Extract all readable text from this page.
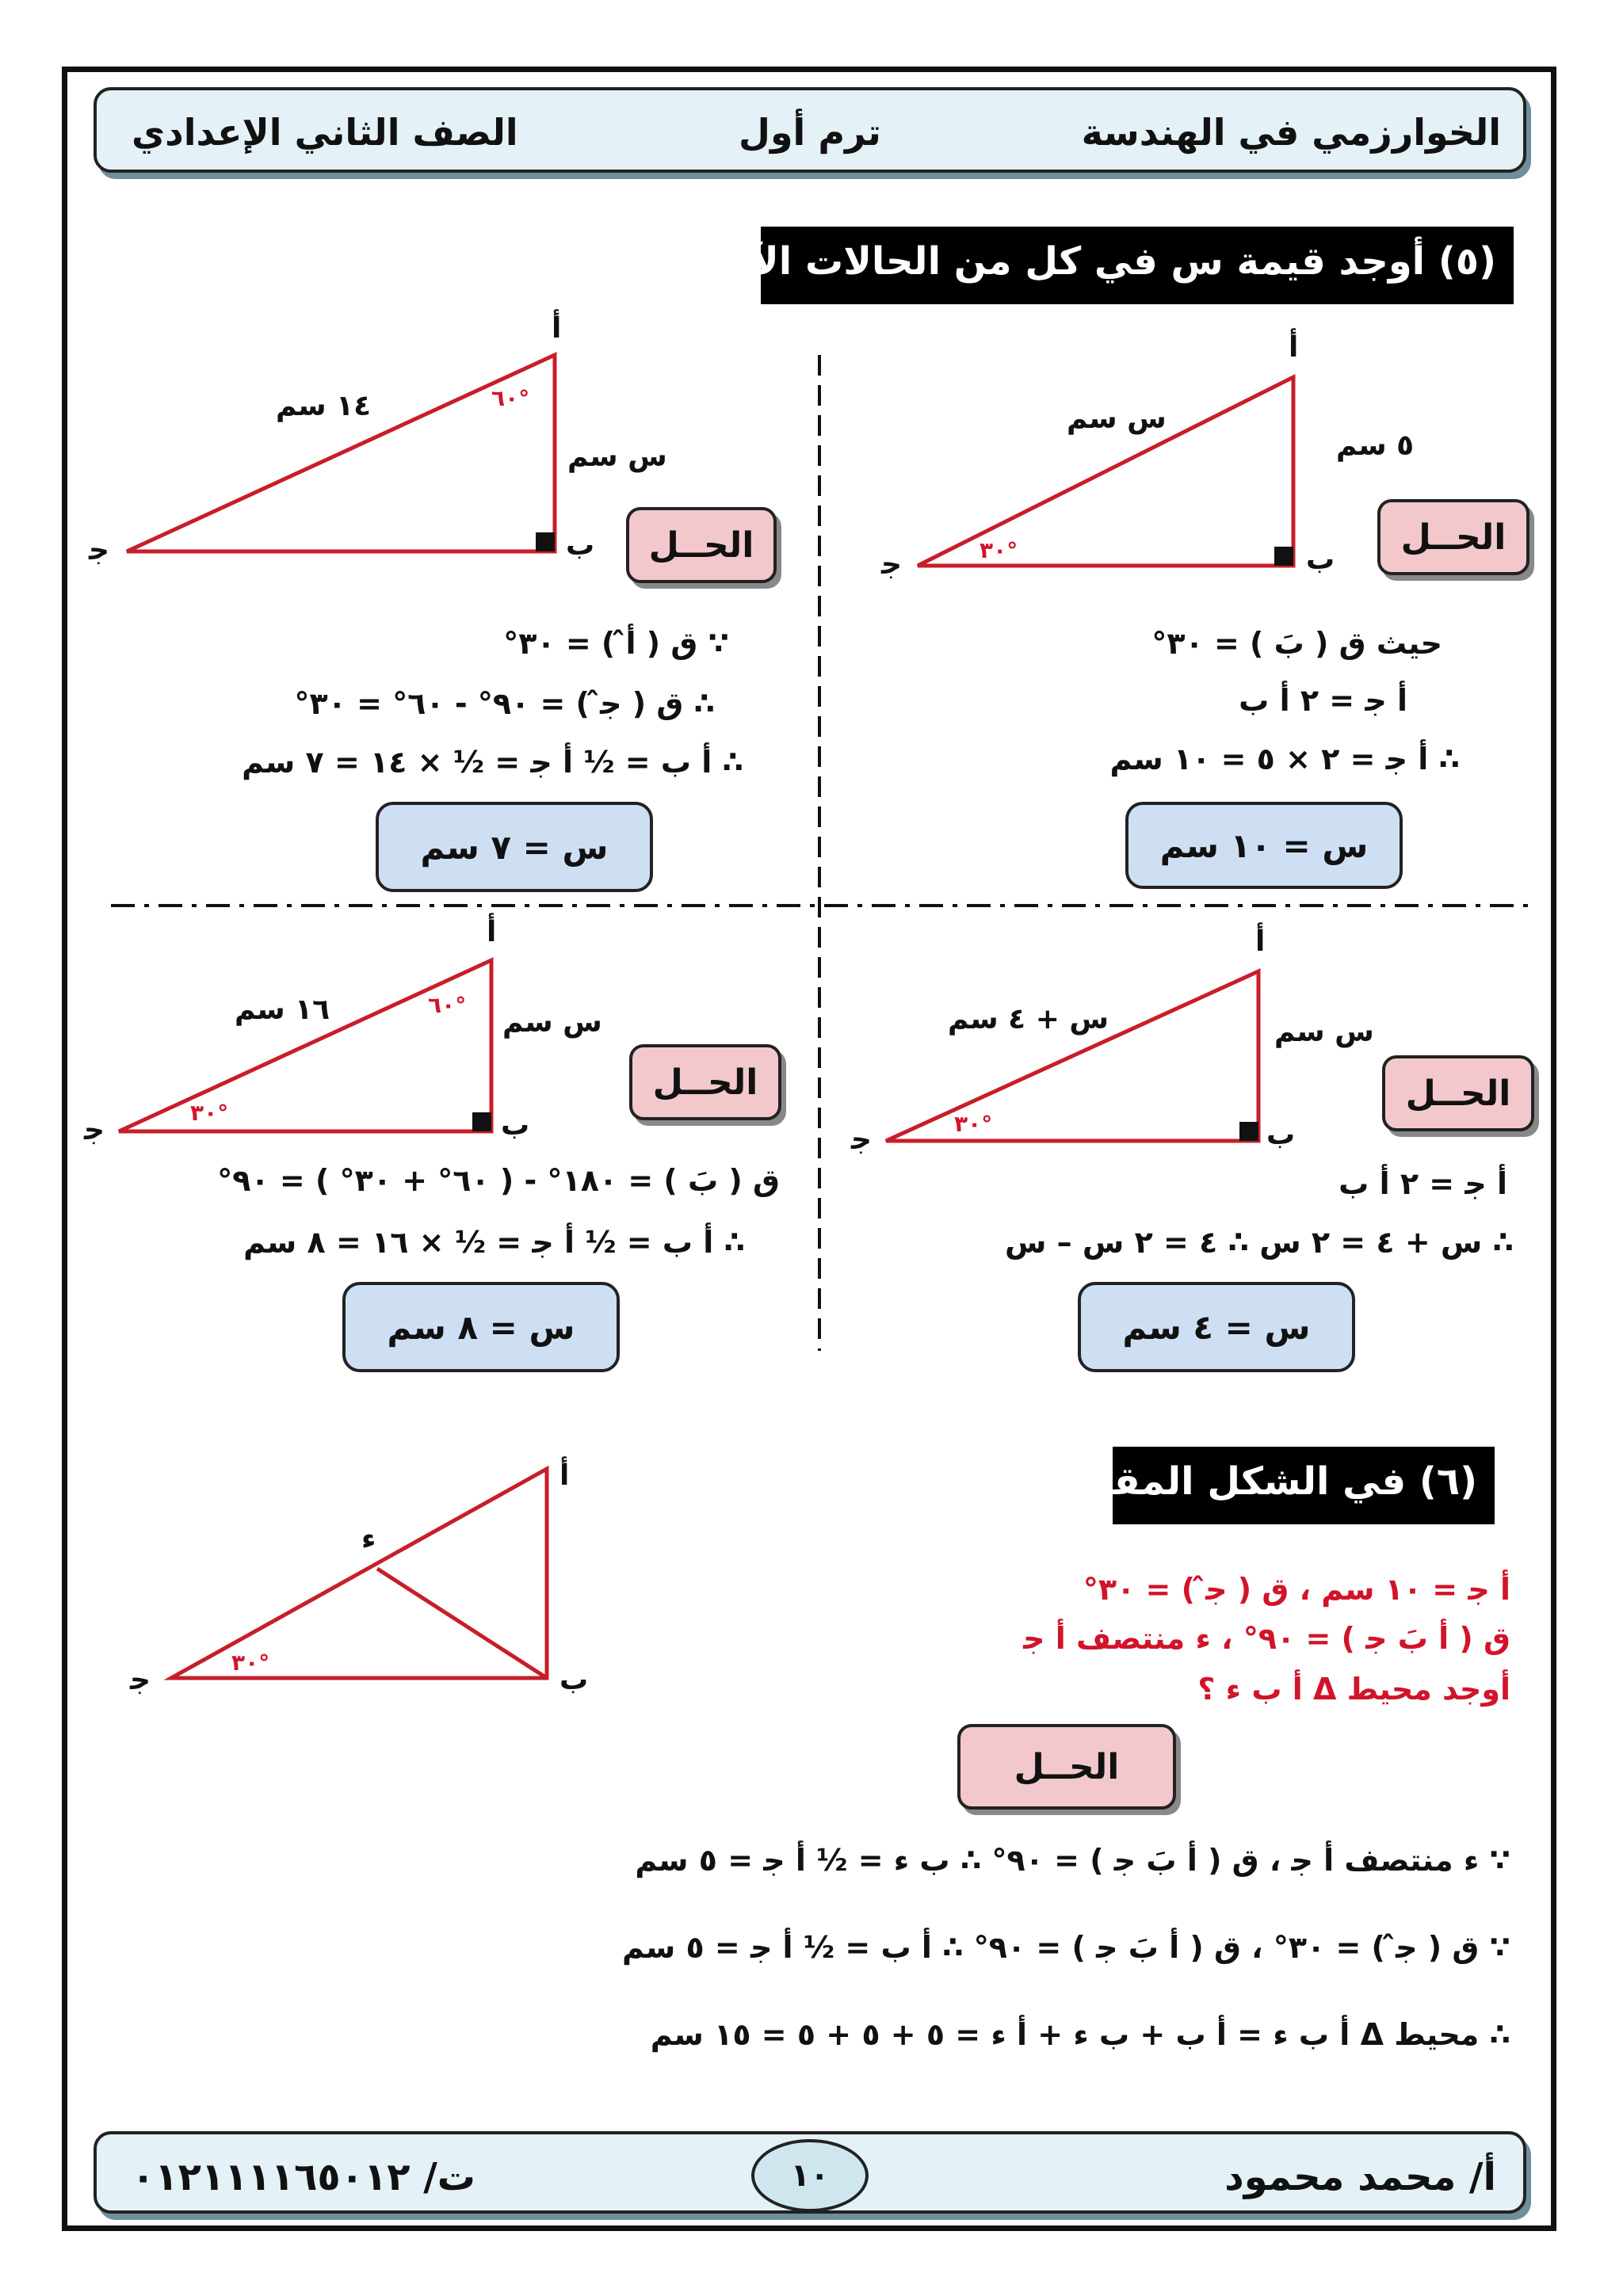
الخوارزمي في الهندسة
ترم أول
الصف الثاني الإعدادي
(٥) أوجد قيمة س في كل من الحالات الآتية : -
ﺃ
ب
ﺟ
س سم
٥ سم
٣٠°	الحــل
حيث ق ( بَ ) = ٣٠°
ﺃ ﺟ = ٢ ﺃ ب
∴ ﺃ ﺟ = ٢ × ٥ = ١٠ سم
س = ١٠ سم
ﺃ
ب
ﺟ
١٤ سم
س سم
٦٠°
الحــل
∵ ق ( أ̂ ) = ٣٠°
∴ ق ( ﺟ̂ ) = ٩٠° - ٦٠° = ٣٠°
∴ ﺃ ب = ½ ﺃ ﺟ = ½ × ١٤ = ٧ سم
س = ٧ سم
ﺃ
ب
ﺟ
س + ٤ سم	س سم
٣٠°
الحــل
ﺃ ﺟ = ٢ ﺃ ب
∴ س + ٤ = ٢ س ∴ ٤ = ٢ س – س
س = ٤ سم
ﺃ
ب
ﺟ
١٦ سم	س سم
٦٠°
٣٠°
الحــل
ق ( بَ ) = ١٨٠° - ( ٦٠° + ٣٠° ) = ٩٠°
∴ ﺃ ب = ½ ﺃ ﺟ = ½ × ١٦ = ٨ سم
س = ٨ سم
(٦) في الشكل المقابل :-
ﺃ ﺟ = ١٠ سم ، ق ( ﺟ̂ ) = ٣٠°
ق ( ﺃ بَ ﺟ ) = ٩٠° ، ء منتصف ﺃ ﺟ
أوجد محيط Δ ﺃ ب ء ؟
ﺃ
ب
ﺟ
ء
٣٠°
الحــل
∵ ء منتصف ﺃ ﺟ ، ق ( ﺃ بَ ﺟ ) = ٩٠° ∴ ب ء = ½ ﺃ ﺟ = ٥ سم
∵ ق ( ﺟ̂ ) = ٣٠° ، ق ( ﺃ بَ ﺟ ) = ٩٠° ∴ ﺃ ب = ½ ﺃ ﺟ = ٥ سم
∴ محيط Δ ﺃ ب ء = ﺃ ب + ب ء + ﺃ ء = ٥ + ٥ + ٥ = ١٥ سم
أ/ محمد محمود
١٠
ت/ ٠١٢١١١١٦٥٠١٢
